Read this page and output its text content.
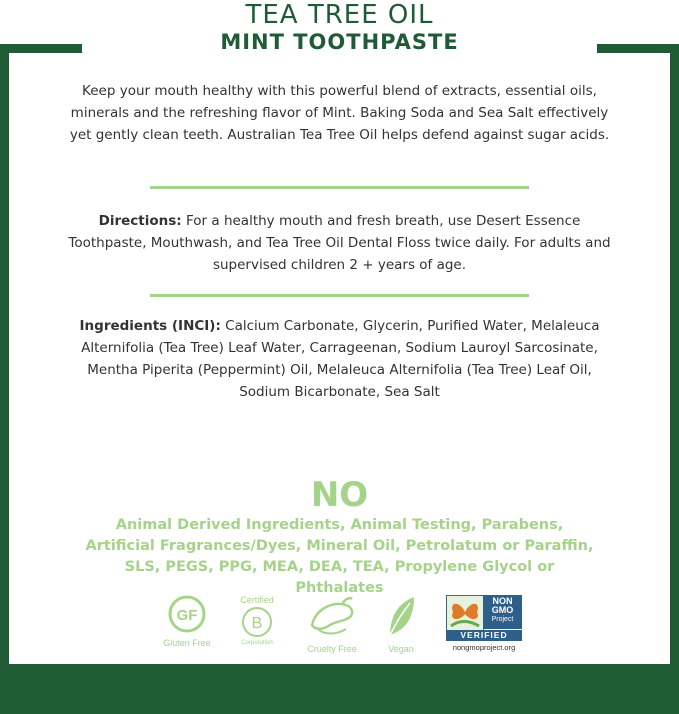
TEA TREE OIL
MINT TOOTHPASTE
Keep your mouth healthy with this powerful blend of extracts, essential oils, minerals and the refreshing flavor of Mint. Baking Soda and Sea Salt effectively yet gently clean teeth. Australian Tea Tree Oil helps defend against sugar acids.
Directions: For a healthy mouth and fresh breath, use Desert Essence Toothpaste, Mouthwash, and Tea Tree Oil Dental Floss twice daily. For adults and supervised children 2 + years of age.
Ingredients (INCI): Calcium Carbonate, Glycerin, Purified Water, Melaleuca Alternifolia (Tea Tree) Leaf Water, Carrageenan, Sodium Lauroyl Sarcosinate, Mentha Piperita (Peppermint) Oil, Melaleuca Alternifolia (Tea Tree) Leaf Oil, Sodium Bicarbonate, Sea Salt
NO
Animal Derived Ingredients, Animal Testing, Parabens, Artificial Fragrances/Dyes, Mineral Oil, Petrolatum or Paraffin, SLS, PEGS, PPG, MEA, DEA, TEA, Propylene Glycol or Phthalates
GF
Gluten Free
Certified
B
Corporation
Cruelty Free	Vegan
NON
GMO
Project
VERIFIED
nongmoproject.org
